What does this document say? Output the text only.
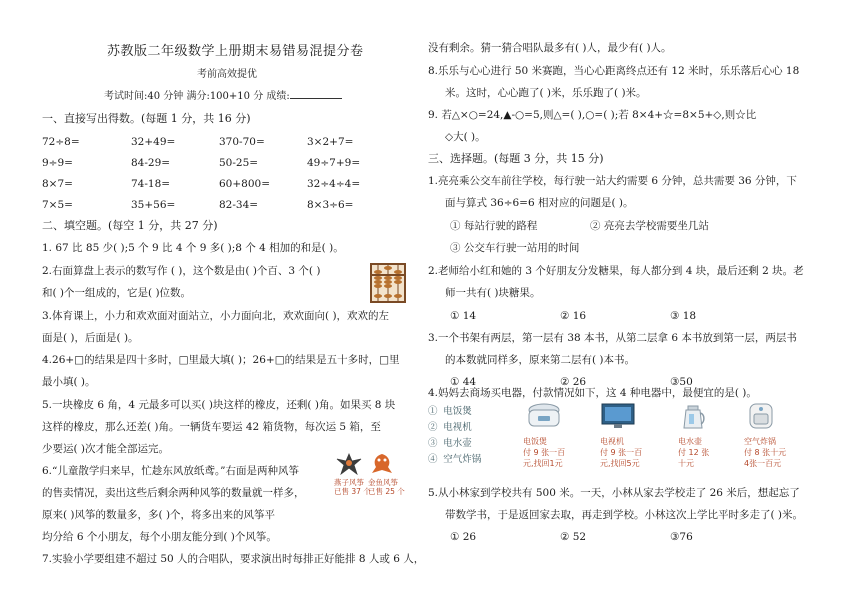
苏教版二年级数学上册期末易错易混提分卷
考前高效提优
考试时间:40 分钟 满分:100+10 分 成绩:
一、直接写出得数。(每题 1 分，共 16 分)
72÷8=	32+49=	370-70=	3×2+7=
9÷9=	84-29=	50-25=	49÷7+9=
8×7=	74-18=	60+800=	32÷4÷4=
7×5=	35+56=	82-34=	8×3÷6=
二、填空题。(每空 1 分，共 27 分)
1. 67 比 85 少( );5 个 9 比 4 个 9 多( );8 个 4 相加的和是( )。
2.右面算盘上表示的数写作 ( )，这个数是由( )个百、3 个( )
和( )个一组成的，它是( )位数。
3.体育课上，小力和欢欢面对面站立，小力面向北，欢欢面向( )，欢欢的左
面是( )，后面是( )。
4.26+□的结果是四十多时，□里最大填( )；26+□的结果是五十多时，□里
最小填( )。
5.一块橡皮 6 角，4 元最多可以买( )块这样的橡皮，还剩( )角。如果买 8 块
这样的橡皮，那么还差( )角。一辆货车要运 42 箱货物，每次运 5 箱，至
少要运( )次才能全部运完。
6.“儿童散学归来早，忙趁东风放纸鸢。”右面是两种风筝
的售卖情况，卖出这些后剩余两种风筝的数量就一样多，
原来( )风筝的数量多，多( )个，将多出来的风筝平
均分给 6 个小朋友，每个小朋友能分到( )个风筝。
7.实验小学要组建不超过 50 人的合唱队，要求演出时每排正好能排 8 人或 6 人，
燕子风筝
已售 37 个
金鱼风筝
已售 25 个
没有剩余。猜一猜合唱队最多有( )人，最少有( )人。
8.乐乐与心心进行 50 米赛跑，当心心距离终点还有 12 米时，乐乐落后心心 18
米。这时，心心跑了( )米，乐乐跑了( )米。
9. 若△×○=24,▲-○=5,则△=( ),○=( );若 8×4+☆=8×5+◇,则☆比
◇大( )。
三、选择题。(每题 3 分，共 15 分)
1.亮亮乘公交车前往学校，每行驶一站大约需要 6 分钟，总共需要 36 分钟，下
面与算式 36÷6=6 相对应的问题是( )。
① 每站行驶的路程	② 亮亮去学校需要坐几站
③ 公交车行驶一站用的时间
2.老师给小红和她的 3 个好朋友分发糖果，每人都分到 4 块，最后还剩 2 块。老
师一共有( )块糖果。
① 14	② 16	③ 18
3.一个书架有两层，第一层有 38 本书，从第二层拿 6 本书放到第一层，两层书
的本数就同样多，原来第二层有( )本书。
① 44	② 26	③50
4.妈妈去商场买电器，付款情况如下，这 4 种电器中，最便宜的是( )。
① 电饭煲
② 电视机
③ 电水壶
④ 空气炸锅
电饭煲
付 9 张一百
元,找回1元
电视机
付 9 张一百
元,找回5元
电水壶
付 12 张
十元
空气炸锅
付 8 张十元
4张一百元
5.从小林家到学校共有 500 米。一天，小林从家去学校走了 26 米后，想起忘了
带数学书，于是返回家去取，再走到学校。小林这次上学比平时多走了( )米。
① 26	② 52	③76
